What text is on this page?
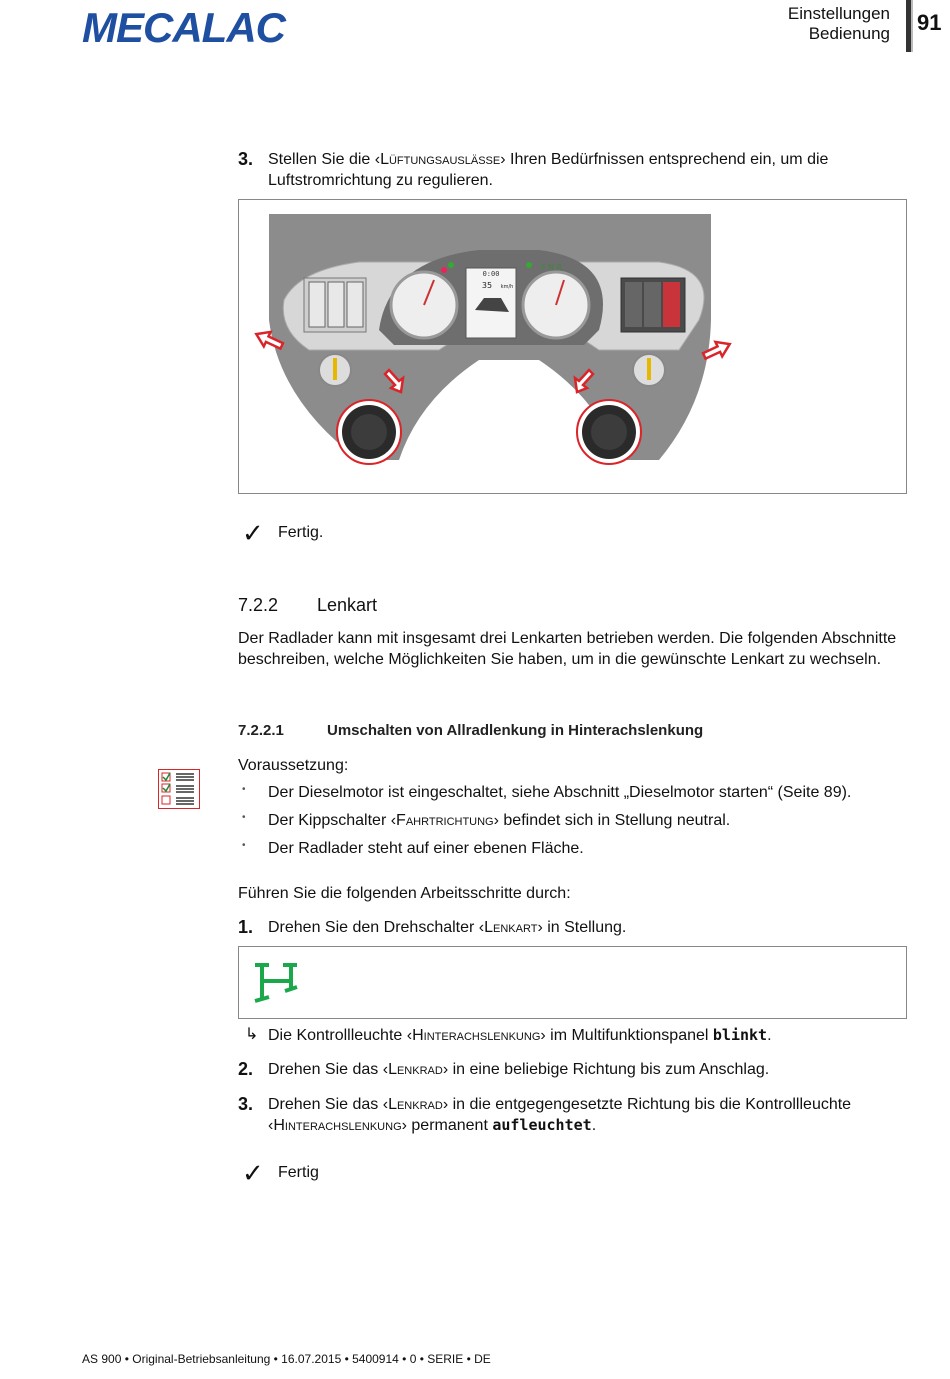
MECALAC	Einstellungen
Bedienung 91
3. Stellen Sie die ‹Lüftungsauslässe› Ihren Bedürfnissen entsprechend ein, um die Luftstromrichtung zu regulieren.
0:00
35 km/h
F N R
✓ Fertig.
7.2.2 Lenkart
Der Radlader kann mit insgesamt drei Lenkarten betrieben werden. Die folgenden Abschnitte beschreiben, welche Möglichkeiten Sie haben, um in die gewünschte Lenkart zu wechseln.
7.2.2.1	Umschalten von Allradlenkung in Hinterachslenkung
Voraussetzung:
• Der Dieselmotor ist eingeschaltet, siehe Abschnitt „Dieselmotor starten“ (Seite 89).
• Der Kippschalter ‹Fahrtrichtung› befindet sich in Stellung neutral.
• Der Radlader steht auf einer ebenen Fläche.
Führen Sie die folgenden Arbeitsschritte durch:
1. Drehen Sie den Drehschalter ‹Lenkart› in Stellung.
↳ Die Kontrollleuchte ‹Hinterachslenkung› im Multifunktionspanel blinkt.
2. Drehen Sie das ‹Lenkrad› in eine beliebige Richtung bis zum Anschlag.
3. Drehen Sie das ‹Lenkrad› in die entgegengesetzte Richtung bis die Kontrollleuchte ‹Hinterachslenkung› permanent aufleuchtet.
✓ Fertig
AS 900 • Original-Betriebsanleitung • 16.07.2015 • 5400914 • 0 • SERIE • DE
